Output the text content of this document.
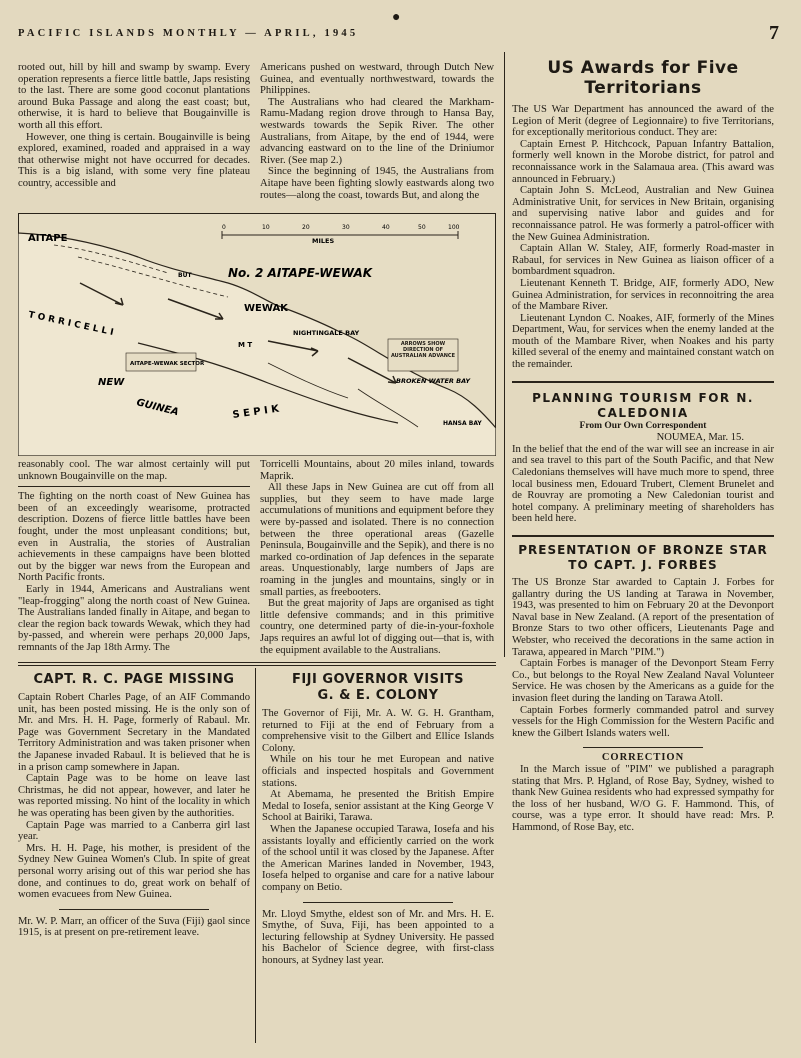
●
PACIFIC ISLANDS MONTHLY — APRIL, 1945	7

rooted out, hill by hill and swamp by swamp. Every operation represents a fierce little battle, Japs resisting to the last. There are some good coconut plantations around Buka Passage and along the east coast; but, otherwise, it is hard to believe that Bougainville is worth all this effort.

However, one thing is certain. Bougainville is being explored, examined, roaded and appraised in a way that otherwise might not have occurred for decades. This is a big island, with some very fine plateau country, accessible and

Americans pushed on westward, through Dutch New Guinea, and eventually northwestward, towards the Philippines.

The Australians who had cleared the Markham-Ramu-Madang region drove through to Hansa Bay, westwards towards the Sepik River. The other Australians, from Aitape, by the end of 1944, were advancing eastward on to the line of the Driniumor River. (See map 2.)

Since the beginning of 1945, the Australians from Aitape have been fighting slowly eastwards along two routes—along the coast, towards But, and along the

0	10	20	30	40	50	100
MILES
AITAPE
No. 2 AITAPE-WEWAK
WEWAK
T O R R I C E L L I
AITAPE-WEWAK SECTOR
NEW
GUINEA	S E P I K
NIGHTINGALE BAY
BROKEN WATER BAY
HANSA BAY
BUT
M T	ARROWS SHOW DIRECTION OF AUSTRALIAN ADVANCE

reasonably cool. The war almost certainly will put unknown Bougainville on the map.

The fighting on the north coast of New Guinea has been of an exceedingly wearisome, protracted description. Dozens of fierce little battles have been fought, under the most unpleasant conditions; but, even in Australia, the stories of Australian achievements in these campaigns have been blotted out by the bigger war news from the European and North Pacific fronts.

Early in 1944, Americans and Australians went "leap-frogging" along the north coast of New Guinea. The Australians landed finally in Aitape, and began to clear the region back towards Wewak, which they had by-passed, and wherein were perhaps 20,000 Japs, remnants of the Jap 18th Army. The

Torricelli Mountains, about 20 miles inland, towards Maprik.

All these Japs in New Guinea are cut off from all supplies, but they seem to have made large accumulations of munitions and equipment before they were by-passed and isolated. There is no connection between the three operational areas (Gazelle Peninsula, Bougainville and the Sepik), and there is no marked co-ordination of Jap defences in the separate areas. Unquestionably, large numbers of Japs are roaming in the jungles and mountains, singly or in small parties, as freebooters.

But the great majority of Japs are organised as tight little defensive commands; and in this primitive country, one determined party of die-in-your-foxhole Japs requires an awful lot of digging out—that is, with the equipment available to the Australians.

US Awards for Five Territorians

The US War Department has announced the award of the Legion of Merit (degree of Legionnaire) to five Territorians, for exceptionally meritorious conduct. They are:

Captain Ernest P. Hitchcock, Papuan Infantry Battalion, formerly well known in the Morobe district, for patrol and reconnaissance work in the Salamaua area. (This award was announced in February.)

Captain John S. McLeod, Australian and New Guinea Administrative Unit, for services in New Britain, organising and supervising native labor and guides and for reconnaissance patrol. He was formerly a patrol-officer with the New Guinea Administration.

Captain Allan W. Staley, AIF, formerly Road-master in Rabaul, for services in New Guinea as liaison officer of a bombardment squadron.

Lieutenant Kenneth T. Bridge, AIF, formerly ADO, New Guinea Administration, for services in reconnoitring the area of the Mambare River.

Lieutenant Lyndon C. Noakes, AIF, formerly of the Mines Department, Wau, for services when the enemy landed at the mouth of the Mambare River, when Noakes and his party killed several of the enemy and maintained constant watch on the remainder.

PLANNING TOURISM FOR N. CALEDONIA

From Our Own Correspondent

NOUMEA, Mar. 15.

In the belief that the end of the war will see an increase in air and sea travel to this part of the South Pacific, and that New Caledonians themselves will have much more to spend, three local business men, Edouard Trubert, Clement Brunelet and de Rouvray are promoting a New Caledonian tourist and hotel company. A preliminary meeting of shareholders has been held here.

PRESENTATION OF BRONZE STAR TO CAPT. J. FORBES

The US Bronze Star awarded to Captain J. Forbes for gallantry during the US landing at Tarawa in November, 1943, was presented to him on February 20 at the Devonport Naval base in New Zealand. (A report of the presentation of Bronze Stars to two other officers, Lieutenants Page and Webster, who received the decorations in the same action in Tarawa, appeared in March "PIM.")

Captain Forbes is manager of the Devonport Steam Ferry Co., but belongs to the Royal New Zealand Naval Volunteer Service. He was chosen by the Americans as a guide for the invasion fleet during the landing on Tarawa Atoll.

Captain Forbes formerly commanded patrol and survey vessels for the High Commission for the Western Pacific and knew the Gilbert Islands waters well.

CORRECTION

In the March issue of "PIM" we published a paragraph stating that Mrs. P. Hgland, of Rose Bay, Sydney, wished to thank New Guinea residents who had expressed sympathy for the loss of her husband, W/O G. F. Hammond. This, of course, was a type error. It should have read: Mrs. P. Hammond, of Rose Bay, etc.

CAPT. R. C. PAGE MISSING

Captain Robert Charles Page, of an AIF Commando unit, has been posted missing. He is the only son of Mr. and Mrs. H. H. Page, formerly of Rabaul. Mr. Page was Government Secretary in the Mandated Territory Administration and was taken prisoner when the Japanese invaded Rabaul. It is believed that he is in a prison camp somewhere in Japan.

Captain Page was to be home on leave last Christmas, he did not appear, however, and later he was reported missing. No hint of the locality in which he was operating has been given by the authorities.

Captain Page was married to a Canberra girl last year.

Mrs. H. H. Page, his mother, is president of the Sydney New Guinea Women's Club. In spite of great personal worry arising out of this war period she has done, and continues to do, great work on behalf of women evacuees from New Guinea.

Mr. W. P. Marr, an officer of the Suva (Fiji) gaol since 1915, is at present on pre-retirement leave.

FIJI GOVERNOR VISITS
G. & E. COLONY

The Governor of Fiji, Mr. A. W. G. H. Grantham, returned to Fiji at the end of February from a comprehensive visit to the Gilbert and Ellice Islands Colony.

While on his tour he met European and native officials and inspected hospitals and Government stations.

At Abemama, he presented the British Empire Medal to Iosefa, senior assistant at the King George V School at Bairiki, Tarawa.

When the Japanese occupied Tarawa, Iosefa and his assistants loyally and efficiently carried on the work of the school until it was closed by the Japanese. After the American Marines landed in November, 1943, Iosefa helped to organise and care for a native labour company on Betio.

Mr. Lloyd Smythe, eldest son of Mr. and Mrs. H. E. Smythe, of Suva, Fiji, has been appointed to a lecturing fellowship at Sydney University. He passed his Bachelor of Science degree, with first-class honours, at Sydney last year.
